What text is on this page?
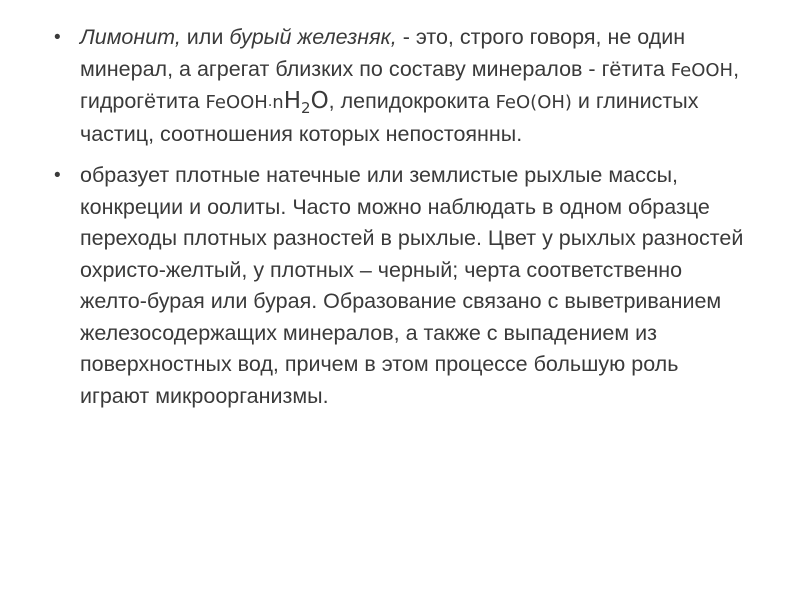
• Лимонит, или бурый железняк, - это, строго говоря, не один минерал, а агрегат близких по составу минералов - гётита FeOOH, гидрогётита $FeOOH.nH_2O$, лепидокрокита FeO(OH) и глинистых частиц, соотношения которых непостоянны.
• образует плотные натечные или землистые рыхлые массы, конкреции и оолиты. Часто можно наблюдать в одном образце переходы плотных разностей в рыхлые. Цвет у рыхлых разностей охристо-желтый, у плотных – черный; черта соответственно желто-бурая или бурая. Образование связано с выветриванием железосодержащих минералов, а также с выпадением из поверхностных вод, причем в этом процессе большую роль играют микроорганизмы.
